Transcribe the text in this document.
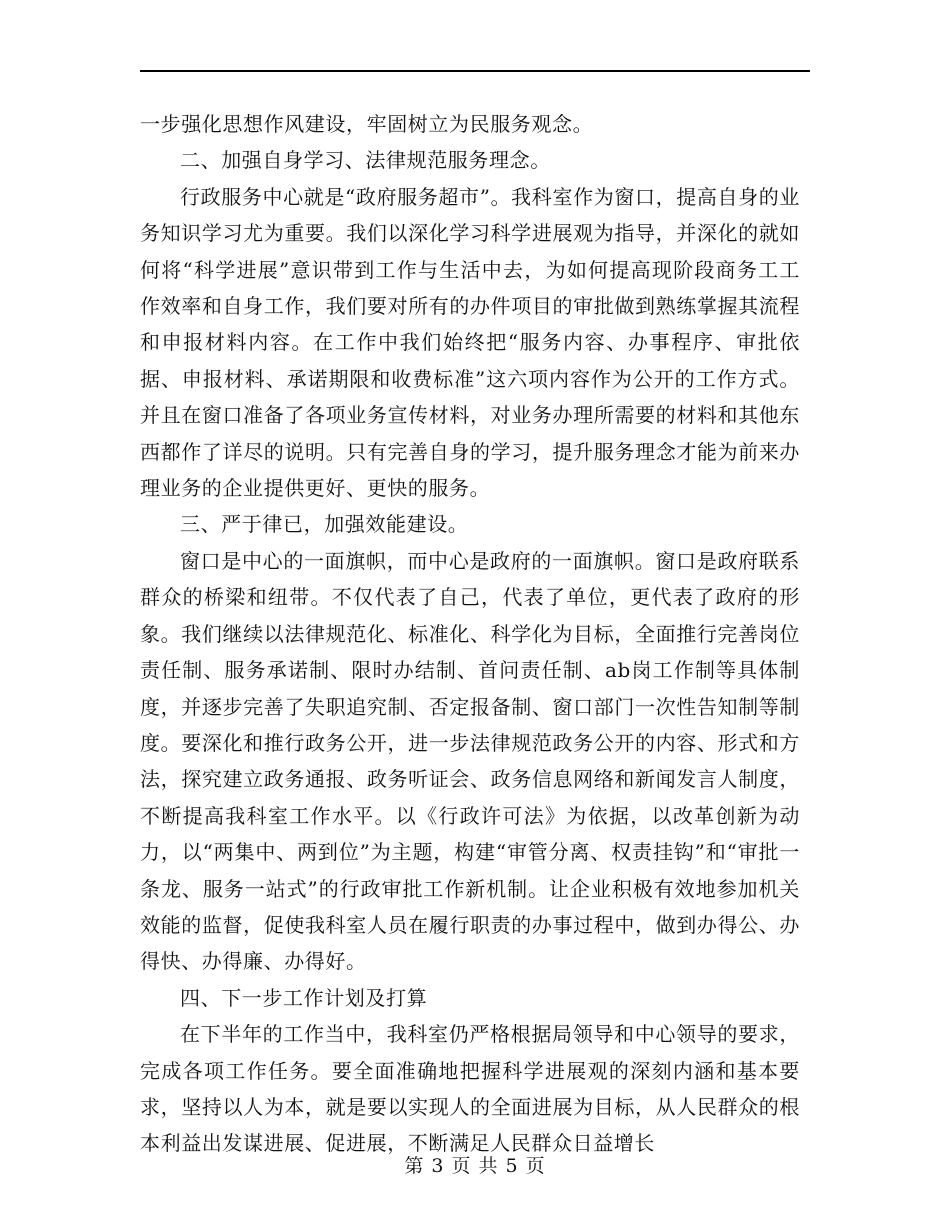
一步强化思想作风建设，牢固树立为民服务观念。

二、加强自身学习、法律规范服务理念。

行政服务中心就是“政府服务超市”。我科室作为窗口，提高自身的业务知识学习尤为重要。我们以深化学习科学进展观为指导，并深化的就如何将“科学进展”意识带到工作与生活中去，为如何提高现阶段商务工工作效率和自身工作，我们要对所有的办件项目的审批做到熟练掌握其流程和申报材料内容。在工作中我们始终把“服务内容、办事程序、审批依据、申报材料、承诺期限和收费标准”这六项内容作为公开的工作方式。并且在窗口准备了各项业务宣传材料，对业务办理所需要的材料和其他东西都作了详尽的说明。只有完善自身的学习，提升服务理念才能为前来办理业务的企业提供更好、更快的服务。

三、严于律已，加强效能建设。

窗口是中心的一面旗帜，而中心是政府的一面旗帜。窗口是政府联系群众的桥梁和纽带。不仅代表了自己，代表了单位，更代表了政府的形象。我们继续以法律规范化、标准化、科学化为目标，全面推行完善岗位责任制、服务承诺制、限时办结制、首问责任制、ab岗工作制等具体制度，并逐步完善了失职追究制、否定报备制、窗口部门一次性告知制等制度。要深化和推行政务公开，进一步法律规范政务公开的内容、形式和方法，探究建立政务通报、政务听证会、政务信息网络和新闻发言人制度，不断提高我科室工作水平。以《行政许可法》为依据，以改革创新为动力，以“两集中、两到位”为主题，构建“审管分离、权责挂钩”和“审批一条龙、服务一站式”的行政审批工作新机制。让企业积极有效地参加机关效能的监督，促使我科室人员在履行职责的办事过程中，做到办得公、办得快、办得廉、办得好。

四、下一步工作计划及打算

在下半年的工作当中，我科室仍严格根据局领导和中心领导的要求，完成各项工作任务。要全面准确地把握科学进展观的深刻内涵和基本要求，坚持以人为本，就是要以实现人的全面进展为目标，从人民群众的根本利益出发谋进展、促进展，不断满足人民群众日益增长

第 3 页 共 5 页
